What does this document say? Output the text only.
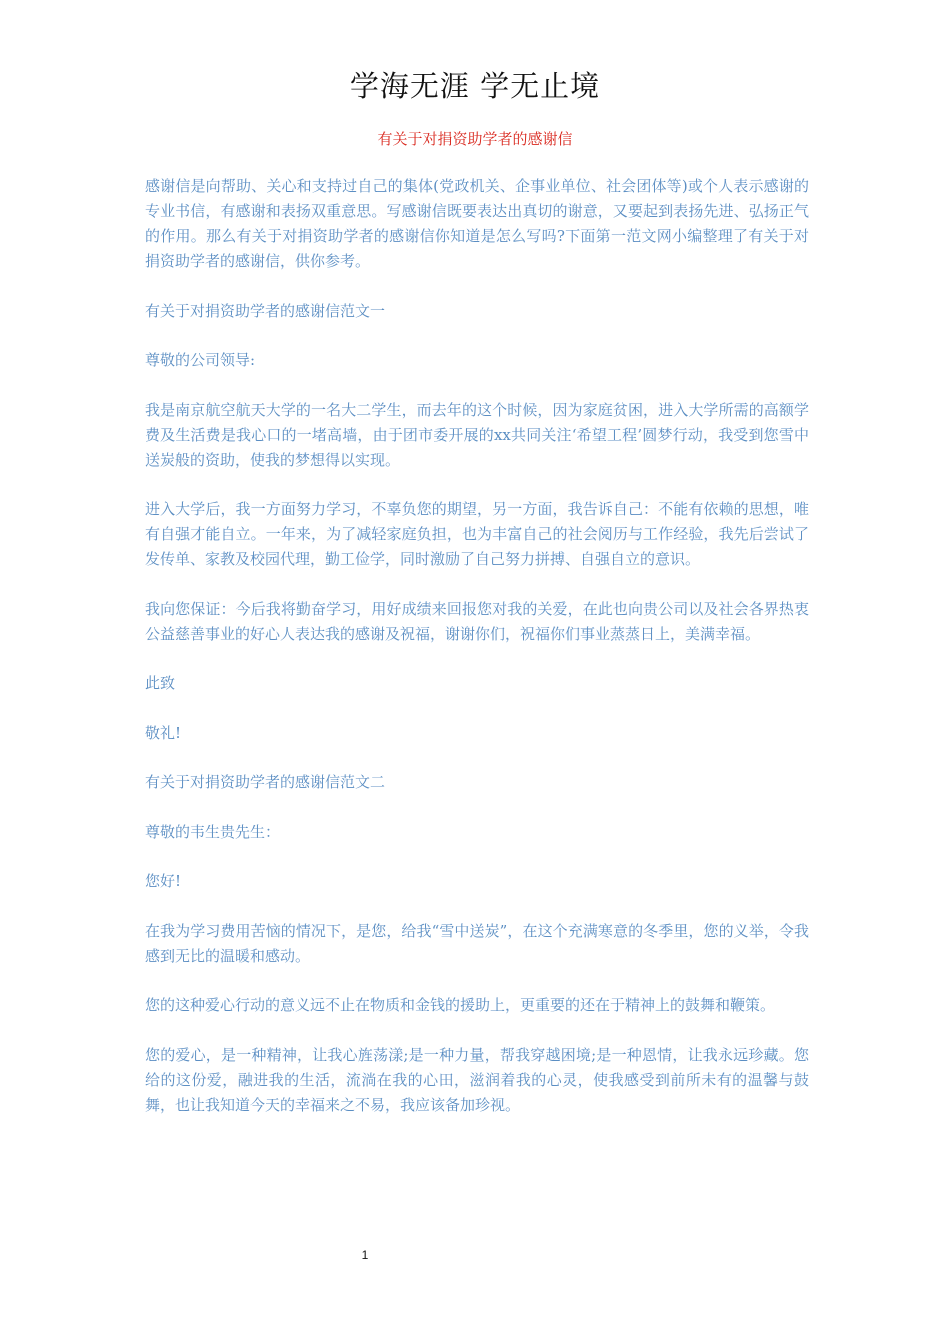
学海无涯 学无止境
有关于对捐资助学者的感谢信

感谢信是向帮助、关心和支持过自己的集体(党政机关、企事业单位、社会团体等)或个人表示感谢的专业书信，有感谢和表扬双重意思。写感谢信既要表达出真切的谢意，又要起到表扬先进、弘扬正气的作用。那么有关于对捐资助学者的感谢信你知道是怎么写吗?下面第一范文网小编整理了有关于对捐资助学者的感谢信，供你参考。

有关于对捐资助学者的感谢信范文一

尊敬的公司领导:

我是南京航空航天大学的一名大二学生，而去年的这个时候，因为家庭贫困，进入大学所需的高额学费及生活费是我心口的一堵高墙，由于团市委开展的xx共同关注‘希望工程’圆梦行动，我受到您雪中送炭般的资助，使我的梦想得以实现。

进入大学后，我一方面努力学习，不辜负您的期望，另一方面，我告诉自己：不能有依赖的思想，唯有自强才能自立。一年来，为了减轻家庭负担，也为丰富自己的社会阅历与工作经验，我先后尝试了发传单、家教及校园代理，勤工俭学，同时激励了自己努力拼搏、自强自立的意识。

我向您保证：今后我将勤奋学习，用好成绩来回报您对我的关爱，在此也向贵公司以及社会各界热衷公益慈善事业的好心人表达我的感谢及祝福，谢谢你们，祝福你们事业蒸蒸日上，美满幸福。

此致

敬礼!

有关于对捐资助学者的感谢信范文二

尊敬的韦生贵先生：

您好!

在我为学习费用苦恼的情况下，是您，给我“雪中送炭”，在这个充满寒意的冬季里，您的义举，令我感到无比的温暖和感动。

您的这种爱心行动的意义远不止在物质和金钱的援助上，更重要的还在于精神上的鼓舞和鞭策。

您的爱心，是一种精神，让我心旌荡漾;是一种力量，帮我穿越困境;是一种恩情，让我永远珍藏。您给的这份爱，融进我的生活，流淌在我的心田，滋润着我的心灵，使我感受到前所未有的温馨与鼓舞，也让我知道今天的幸福来之不易，我应该备加珍视。

1
